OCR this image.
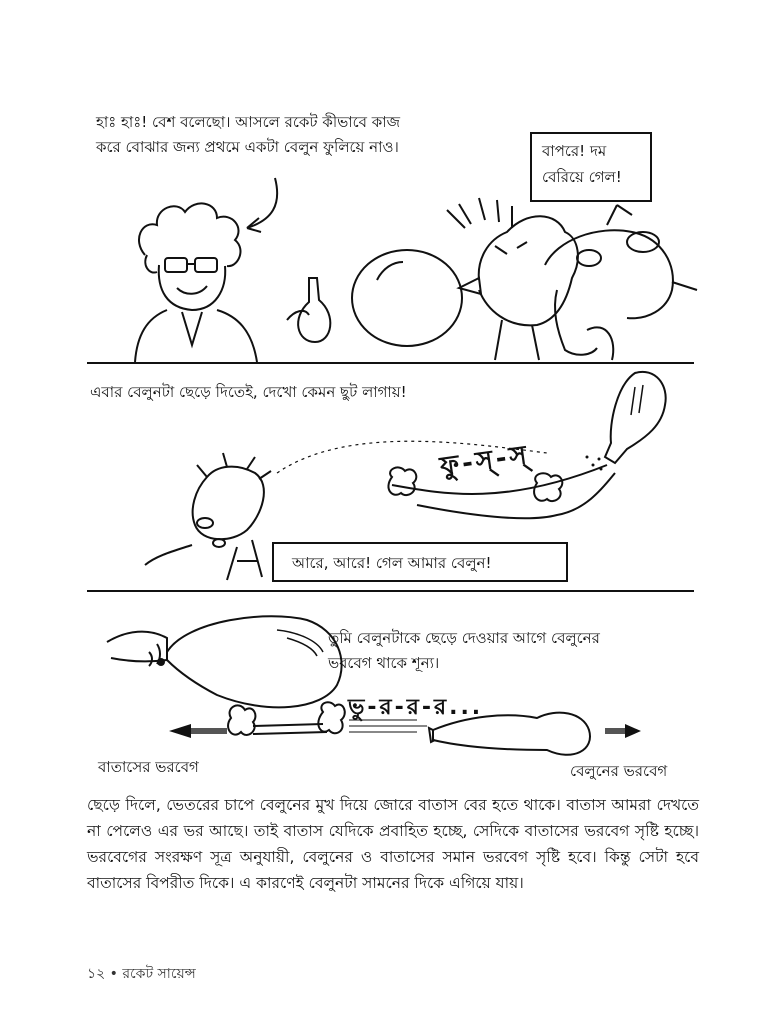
হাঃ হাঃ! বেশ বলেছো। আসলে রকেট কীভাবে কাজ
করে বোঝার জন্য প্রথমে একটা বেলুন ফুলিয়ে নাও।	বাপরে! দম
বেরিয়ে গেল!
এবার বেলুনটা ছেড়ে দিতেই, দেখো কেমন ছুট লাগায়!
ফু-স্-স্
আরে, আরে! গেল আমার বেলুন!
তুমি বেলুনটাকে ছেড়ে দেওয়ার আগে বেলুনের
ভরবেগ থাকে শূন্য।
ভু-র-র-র...
বাতাসের ভরবেগ	বেলুনের ভরবেগ
ছেড়ে দিলে, ভেতরের চাপে বেলুনের মুখ দিয়ে জোরে বাতাস বের হতে থাকে। বাতাস আমরা দেখতে না পেলেও এর ভর আছে। তাই বাতাস যেদিকে প্রবাহিত হচ্ছে, সেদিকে বাতাসের ভরবেগ সৃষ্টি হচ্ছে। ভরবেগের সংরক্ষণ সূত্র অনুযায়ী, বেলুনের ও বাতাসের সমান ভরবেগ সৃষ্টি হবে। কিন্তু সেটা হবে বাতাসের বিপরীত দিকে। এ কারণেই বেলুনটা সামনের দিকে এগিয়ে যায়।
১২ • রকেট সায়েন্স
